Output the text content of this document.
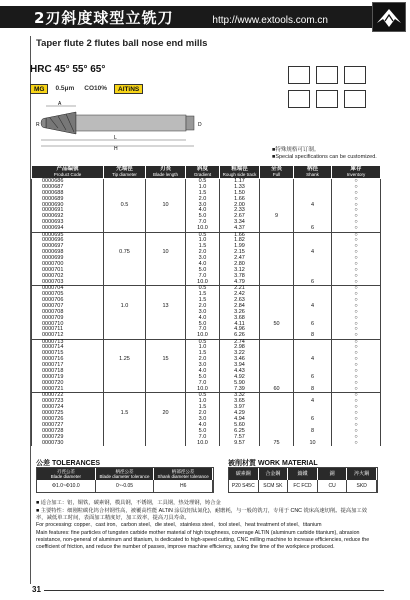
2刃斜度球型立铣刀	http://www.extools.com.cn
Taper flute 2 flutes ball nose end mills
HRC 45° 55° 65°
MG	0.5μm	CO10%	AlTiNS
A
L
H
D
R
■特殊规格可订制。
■Special specifications can be customized.
产品编號
Product Code	先端徑
Tip diameter	刃長
Blade length	斜度
Gradient	粗端徑
Rough side track	全長
Full	柄徑
Shank	庫存
Inventory

0000686			0.5	1.17			○
0000687			1.0	1.33			○
0000688			1.5	1.50			○
0000689			2.0	1.66			○
0000690	0.5	10	3.0	2.00		4	○
0000691			4.0	2.33			○
0000692			5.0	2.67	9		○
0000693			7.0	3.34			○
0000694			10.0	4.37		6	○
0000695			0.5	1.66			○
0000696			1.0	1.82			○
0000697			1.5	1.99			○
0000698	0.75	10	2.0	2.15		4	○
0000699			3.0	2.47			○
0000700			4.0	2.80			○
0000701			5.0	3.12			○
0000702			7.0	3.78			○
0000703			10.0	4.79		6	○
0000704			0.5	2.21			○
0000705			1.5	2.42			○
0000706			1.5	2.63			○
0000707	1.0	13	2.0	2.84		4	○
0000708			3.0	3.26			○
0000709			4.0	3.68			○
0000710			5.0	4.11	50	6	○
0000711			7.0	4.96			○
0000712			10.0	6.26		8	○
0000713			0.5	2.74			○
0000714			1.0	2.98			○
0000715			1.5	3.22			○
0000716	1.25	15	2.0	3.46		4	○
0000717			3.0	3.94			○
0000718			4.0	4.43			○
0000719			5.0	4.92		6	○
0000720			7.0	5.90			○
0000721			10.0	7.39	60	8	○
0000722			0.5	3.32			○
0000723			1.0	3.65		4	○
0000724			1.5	3.97			○
0000725	1.5	20	2.0	4.29			○
0000726			3.0	4.94		6	○
0000727			4.0	5.60			○
0000728			5.0	6.25		8	○
0000729			7.0	7.57			○
0000730			10.0	9.57	75	10	○
公差 TOLERANCES
刃徑公差
Blade diameter
柄徑公差
Blade diameter tolerance
柄部徑公差
Shank diameter tolerance
Φ1.0~Φ10.0	0~-0.05	H6
被削材質 WORK MATERIAL
碳素鋼	合金鋼	鑄鐵	銅	淬火鋼
P20 S45C	SCM SK	FC FCD	CU	SKD

■ 适合加工：铝，铜铁，碳素钢，模具钢，不锈钢，工具钢，热处理钢，铸合金

■ 主要特性：细刚粒碳化钨合材钢性高，被覆高性能 ALTiN 涂层(铝钛氮化)，耐磨耗，与一般的铣刀，专用于 CNC 铣床高速切削。提高加工效率，减低单工时间，表面加工精度好，加工效率，提高刀具寿命。

For processing: copper、cast iron、carbon steel、die steel、stainless steel、tool steel、heat treatment of steel、titanium

Main features: fine particles of tungsten carbide mother material of high toughness, coverage ALTIN (aluminum carbide titanium), abrasion resistance, non-general of aluminum and titanium, is dedicated to high-speed cutting, CNC milling machine to increase efficiencies, reduce the coefficient of friction, and reduce the number of passes, improve machine efficiency, saving the time of the workpiece produced.

31
